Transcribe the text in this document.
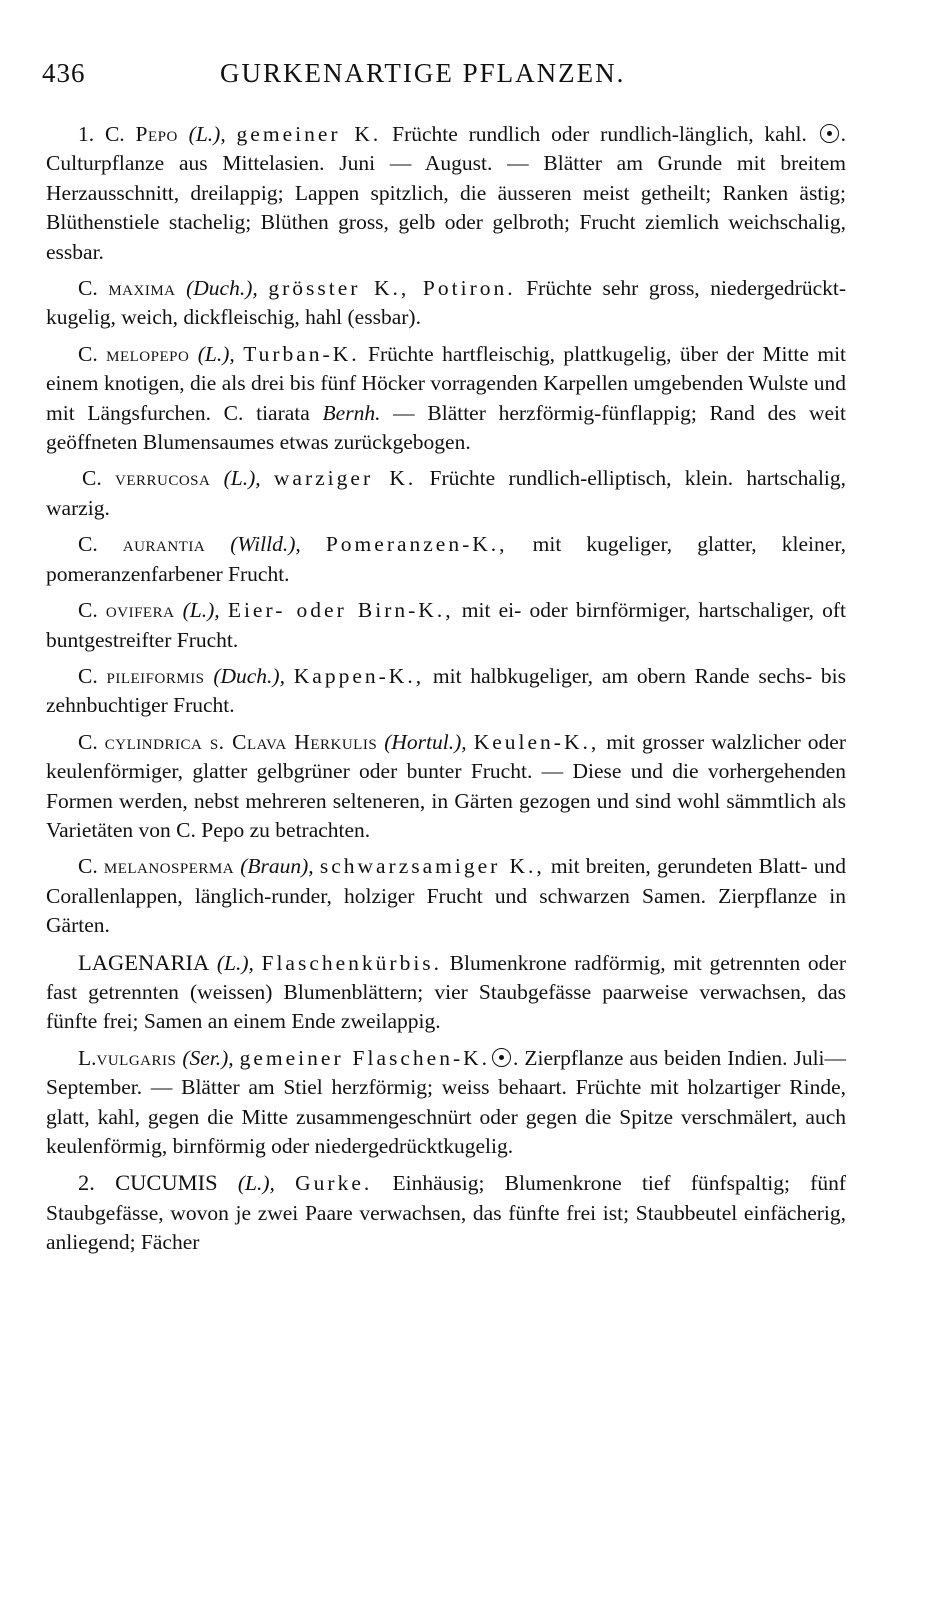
436	GURKENARTIGE PFLANZEN.

1. C. Pepo (L.), gemeiner K. Früchte rundlich oder rundlich-länglich, kahl. . Culturpflanze aus Mittelasien. Juni — August. — Blätter am Grunde mit breitem Herzausschnitt, dreilappig; Lappen spitzlich, die äusseren meist getheilt; Ranken ästig; Blüthenstiele stachelig; Blüthen gross, gelb oder gelbroth; Frucht ziemlich weichschalig, essbar.

C. maxima (Duch.), grösster K., Potiron. Früchte sehr gross, niedergedrückt-kugelig, weich, dickfleischig, hahl (essbar).

C. melopepo (L.), Turban-K. Früchte hartfleischig, plattkugelig, über der Mitte mit einem knotigen, die als drei bis fünf Höcker vorragenden Karpellen umgebenden Wulste und mit Längsfurchen. C. tiarata Bernh. — Blätter herzförmig-fünflappig; Rand des weit geöffneten Blumensaumes etwas zurückgebogen.

C. verrucosa (L.), warziger K. Früchte rundlich-elliptisch, klein. hartschalig, warzig.

C. aurantia (Willd.), Pomeranzen-K., mit kugeliger, glatter, kleiner, pomeranzenfarbener Frucht.

C. ovifera (L.), Eier- oder Birn-K., mit ei- oder birnförmiger, hartschaliger, oft buntgestreifter Frucht.

C. pileiformis (Duch.), Kappen-K., mit halbkugeliger, am obern Rande sechs- bis zehnbuchtiger Frucht.

C. cylindrica s. Clava Herkulis (Hortul.), Keulen-K., mit grosser walzlicher oder keulenförmiger, glatter gelbgrüner oder bunter Frucht. — Diese und die vorhergehenden Formen werden, nebst mehreren selteneren, in Gärten gezogen und sind wohl sämmtlich als Varietäten von C. Pepo zu betrachten.

C. melanosperma (Braun), schwarzsamiger K., mit breiten, gerundeten Blatt- und Corallenlappen, länglich-runder, holziger Frucht und schwarzen Samen. Zierpflanze in Gärten.

LAGENARIA (L.), Flaschenkürbis. Blumenkrone radförmig, mit getrennten oder fast getrennten (weissen) Blumenblättern; vier Staubgefässe paarweise verwachsen, das fünfte frei; Samen an einem Ende zweilappig.

L.vulgaris (Ser.), gemeiner Flaschen-K. . Zierpflanze aus beiden Indien. Juli—September. — Blätter am Stiel herzförmig; weiss behaart. Früchte mit holzartiger Rinde, glatt, kahl, gegen die Mitte zusammengeschnürt oder gegen die Spitze verschmälert, auch keulenförmig, birnförmig oder niedergedrücktkugelig.

2. CUCUMIS (L.), Gurke. Einhäusig; Blumenkrone tief fünfspaltig; fünf Staubgefässe, wovon je zwei Paare verwachsen, das fünfte frei ist; Staubbeutel einfächerig, anliegend; Fächer
